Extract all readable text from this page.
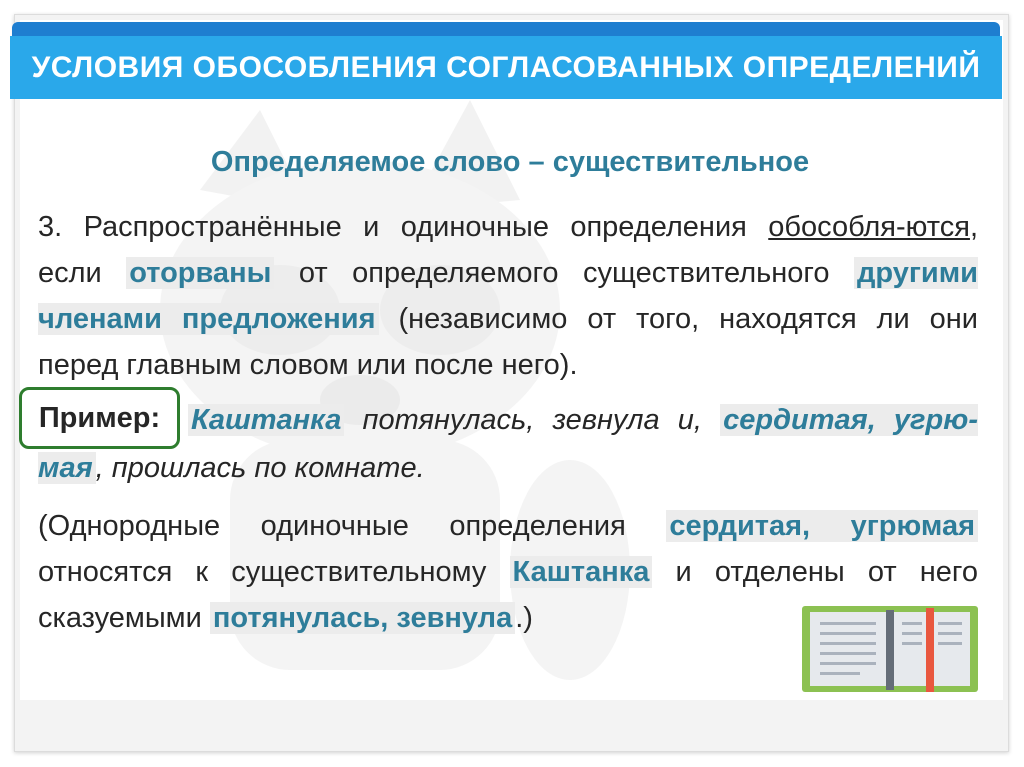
УСЛОВИЯ ОБОСОБЛЕНИЯ СОГЛАСОВАННЫХ ОПРЕДЕЛЕНИЙ
Определяемое слово – существительное
3. Распространённые и одиночные определения обособля-ются, если оторваны от определяемого существительного другими членами предложения (независимо от того, находятся ли они перед главным словом или после него).
Пример:	Каштанка потянулась, зевнула и, сердитая, угрю-мая , прошлась по комнате.
(Однородные одиночные определения сердитая, угрюмая относятся к существительному Каштанка и отделены от него сказуемыми потянулась, зевнула .)
